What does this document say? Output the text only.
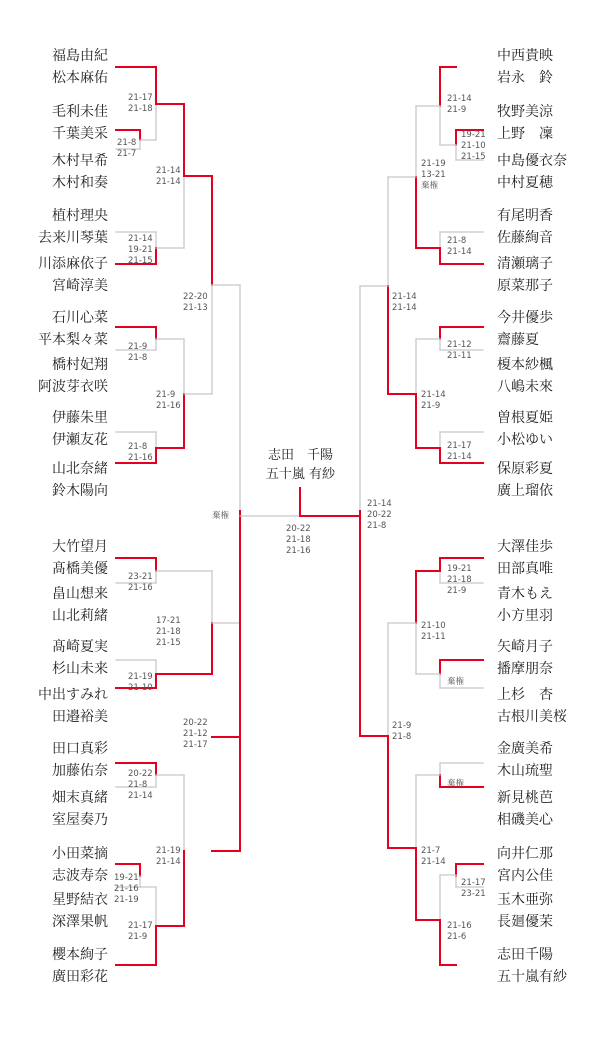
福島由紀
松本麻佑
毛利未佳
千葉美采
木村早希
木村和奏
植村理央
去来川琴葉
川添麻依子
宮崎淳美
石川心菜
平本梨々菜
橋村妃翔
阿波芽衣咲
伊藤朱里
伊瀬友花
山北奈緒
鈴木陽向
大竹望月
髙橋美優
畠山想来
山北莉緒
髙崎夏実
杉山未来
中出すみれ
田邉裕美
田口真彩
加藤佑奈
畑末真緒
室屋奏乃
小田菜摘
志波寿奈
星野結衣
深澤果帆
櫻本絢子
廣田彩花
中西貴映
岩永　鈴
牧野美涼
上野　凜
中島優衣奈
中村夏穂
有尾明香
佐藤絢音
清瀬璃子
原菜那子
今井優歩
齋藤夏
榎本紗楓
八嶋未來
曽根夏姫
小松ゆい
保原彩夏
廣上瑠依
大澤佳歩
田部真唯
青木もえ
小方里羽
矢崎月子
播摩朋奈
上杉　杏
古根川美桜
金廣美希
木山琉聖
新見桃芭
相磯美心
向井仁那
宮内公佳
玉木亜弥
長廻優茉
志田千陽
五十嵐有紗
志田　千陽
五十嵐 有紗
21-8
21-7
21-14
19-21
21-15
21-8
21-16
21-19
21-10
19-21
21-16
21-19
21-17
21-18
21-9
21-8
23-21
21-16
20-22
21-8
21-14
21-17
21-9
21-14
21-14
21-9
21-16
17-21
21-18
21-15
21-19
21-14
22-20
21-13
20-22
21-12
21-17
棄権
20-22
21-18
21-16
19-21
21-10
21-15
21-17
21-14
19-21
21-18
21-9
棄権
21-17
23-21
21-14
21-9
21-8
21-14
21-12
21-11
棄権
21-16
21-6
21-19
13-21
棄権
21-14
21-9
21-10
21-11
21-7
21-14
21-14
21-14
21-9
21-8
21-14
20-22
21-8
